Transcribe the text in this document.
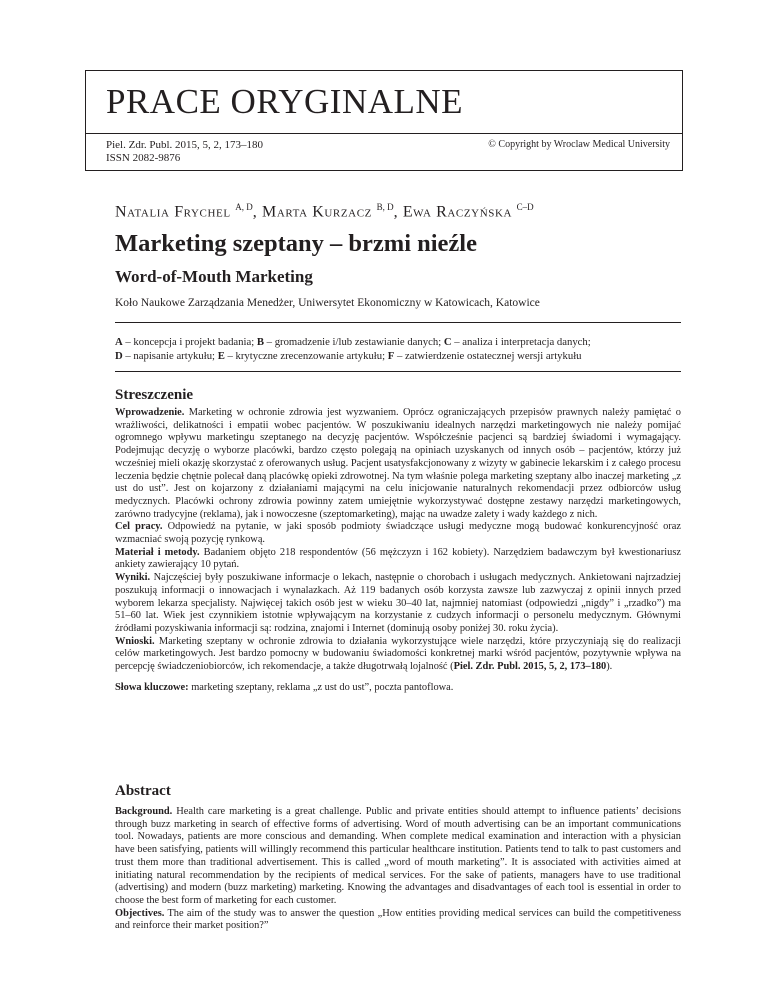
PRACE ORYGINALNE
Piel. Zdr. Publ. 2015, 5, 2, 173–180
ISSN 2082-9876
© Copyright by Wroclaw Medical University
Natalia Frychel $^{A, D}$, Marta Kurzacz $^{B, D}$, Ewa Raczyńska $^{C-D}$
Marketing szeptany – brzmi nieźle
Word-of-Mouth Marketing
Koło Naukowe Zarządzania Menedżer, Uniwersytet Ekonomiczny w Katowicach, Katowice
A – koncepcja i projekt badania; B – gromadzenie i/lub zestawianie danych; C – analiza i interpretacja danych;
D – napisanie artykułu; E – krytyczne zrecenzowanie artykułu; F – zatwierdzenie ostatecznej wersji artykułu
Streszczenie

Wprowadzenie. Marketing w ochronie zdrowia jest wyzwaniem. Oprócz ograniczających przepisów prawnych należy pamiętać o wrażliwości, delikatności i empatii wobec pacjentów. W poszukiwaniu idealnych narzędzi marketingowych nie należy pomijać ogromnego wpływu marketingu szeptanego na decyzję pacjentów. Współcześnie pacjenci są bardziej świadomi i wymagający. Podejmując decyzję o wyborze placówki, bardzo często polegają na opiniach uzyskanych od innych osób – pacjentów, którzy już wcześniej mieli okazję skorzystać z oferowanych usług. Pacjent usatysfakcjonowany z wizyty w gabinecie lekarskim i z całego procesu leczenia będzie chętnie polecał daną placówkę opieki zdrowotnej. Na tym właśnie polega marketing szeptany albo inaczej marketing „z ust do ust”. Jest on kojarzony z działaniami mającymi na celu inicjowanie naturalnych rekomendacji przez odbiorców usług medycznych. Placówki ochrony zdrowia powinny zatem umiejętnie wykorzystywać dostępne zestawy narzędzi marketingowych, zarówno tradycyjne (reklama), jak i nowoczesne (szeptomarketing), mając na uwadze zalety i wady każdego z nich.

Cel pracy. Odpowiedź na pytanie, w jaki sposób podmioty świadczące usługi medyczne mogą budować konkurencyjność oraz wzmacniać swoją pozycję rynkową.

Materiał i metody. Badaniem objęto 218 respondentów (56 mężczyzn i 162 kobiety). Narzędziem badawczym był kwestionariusz ankiety zawierający 10 pytań.

Wyniki. Najczęściej były poszukiwane informacje o lekach, następnie o chorobach i usługach medycznych. Ankietowani najrzadziej poszukują informacji o innowacjach i wynalazkach. Aż 119 badanych osób korzysta zawsze lub zazwyczaj z opinii innych przed wyborem lekarza specjalisty. Najwięcej takich osób jest w wieku 30–40 lat, najmniej natomiast (odpowiedzi „nigdy” i „rzadko”) ma 51–60 lat. Wiek jest czynnikiem istotnie wpływającym na korzystanie z cudzych informacji o personelu medycznym. Głównymi źródłami pozyskiwania informacji są: rodzina, znajomi i Internet (dominują osoby poniżej 30. roku życia).

Wnioski. Marketing szeptany w ochronie zdrowia to działania wykorzystujące wiele narzędzi, które przyczyniają się do realizacji celów marketingowych. Jest bardzo pomocny w budowaniu świadomości konkretnej marki wśród pacjentów, pozytywnie wpływa na percepcję świadczeniobiorców, ich rekomendacje, a także długotrwałą lojalność (Piel. Zdr. Publ. 2015, 5, 2, 173–180).

Słowa kluczowe: marketing szeptany, reklama „z ust do ust”, poczta pantoflowa.

Abstract

Background. Health care marketing is a great challenge. Public and private entities should attempt to influence patients’ decisions through buzz marketing in search of effective forms of advertising. Word of mouth advertising can be an important communications tool. Nowadays, patients are more conscious and demanding. When complete medical examination and interaction with a physician have been satisfying, patients will willingly recommend this particular healthcare institution. Patients tend to talk to past customers and trust them more than traditional advertisement. This is called „word of mouth marketing”. It is associated with activities aimed at initiating natural recommendation by the recipients of medical services. For the sake of patients, managers have to use traditional (advertising) and modern (buzz marketing) marketing. Knowing the advantages and disadvantages of each tool is essential in order to choose the best form of marketing for each customer.

Objectives. The aim of the study was to answer the question „How entities providing medical services can build the competitiveness and reinforce their market position?”
